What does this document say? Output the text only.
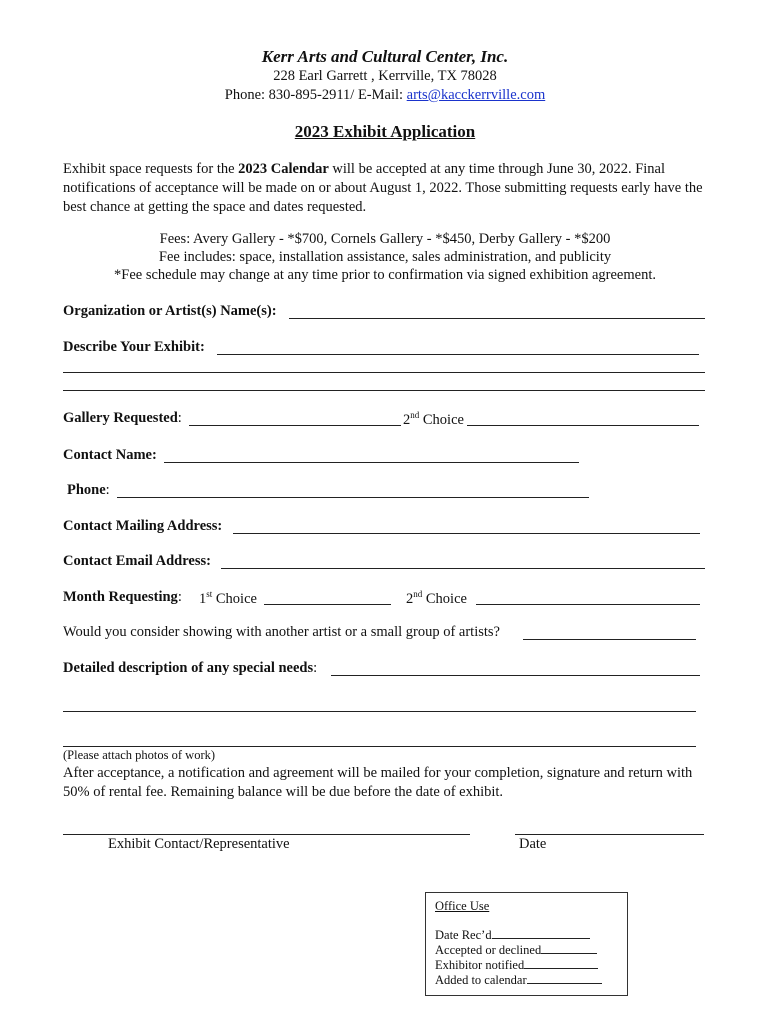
Kerr Arts and Cultural Center, Inc.
228 Earl Garrett , Kerrville, TX 78028
Phone: 830-895-2911/ E-Mail: arts@kacckerrville.com
2023 Exhibit Application
Exhibit space requests for the 2023 Calendar will be accepted at any time through June 30, 2022. Final notifications of acceptance will be made on or about August 1, 2022. Those submitting requests early have the best chance at getting the space and dates requested.
Fees: Avery Gallery - *$700, Cornels Gallery - *$450, Derby Gallery - *$200
Fee includes: space, installation assistance, sales administration, and publicity
*Fee schedule may change at any time prior to confirmation via signed exhibition agreement.
Organization or Artist(s) Name(s):
Describe Your Exhibit:
Gallery Requested:	2nd Choice
Contact Name:
Phone:
Contact Mailing Address:
Contact Email Address:
Month Requesting: 1st Choice	2nd Choice
Would you consider showing with another artist or a small group of artists?
Detailed description of any special needs:
(Please attach photos of work)
After acceptance, a notification and agreement will be mailed for your completion, signature and return with 50% of rental fee. Remaining balance will be due before the date of exhibit.
Exhibit Contact/Representative	Date
Office Use
Date Rec’d
Accepted or declined
Exhibitor notified
Added to calendar
